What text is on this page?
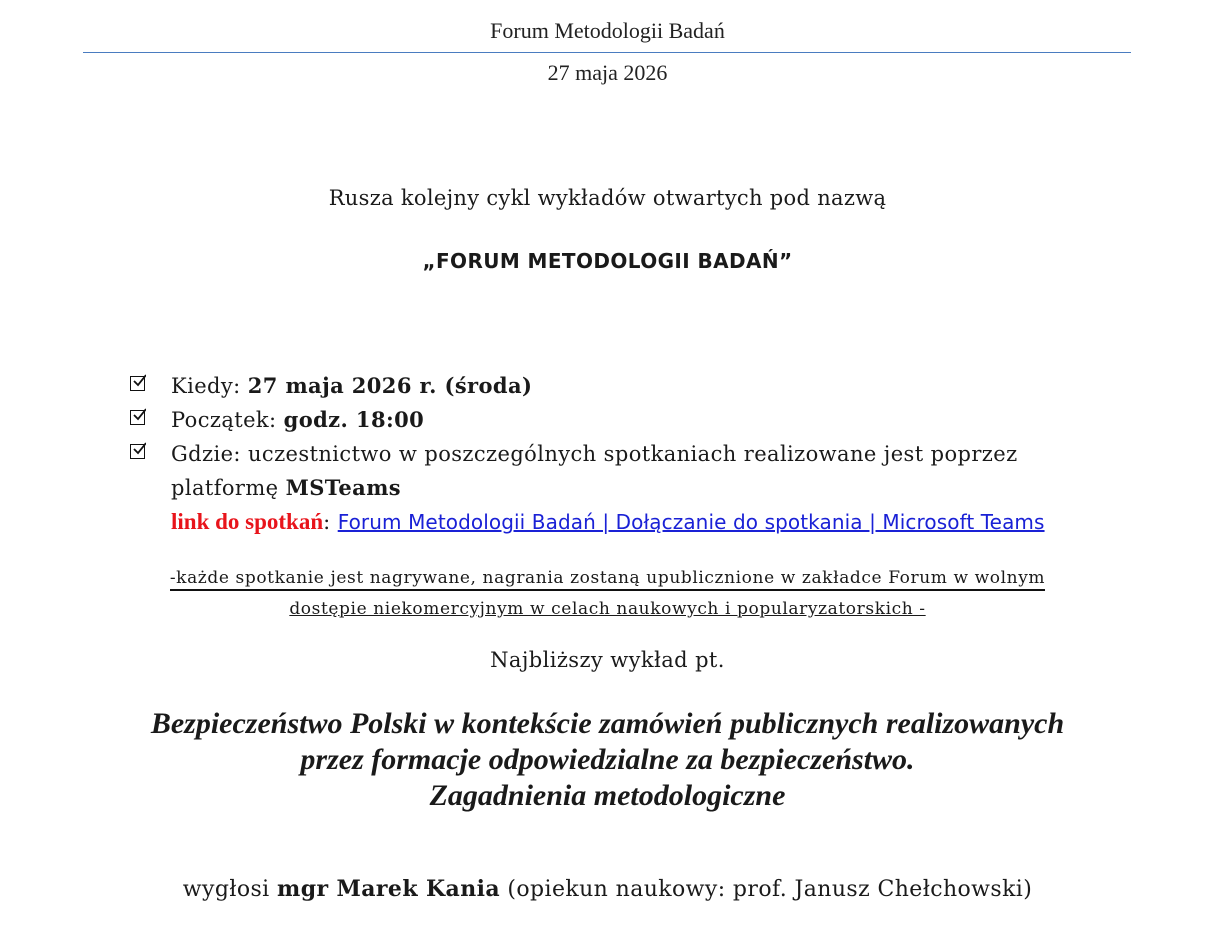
Forum Metodologii Badań
27 maja 2026
Rusza kolejny cykl wykładów otwartych pod nazwą
„FORUM METODOLOGII BADAŃ”
Kiedy: 27 maja 2026 r. (środa)
Początek: godz. 18:00
Gdzie: uczestnictwo w poszczególnych spotkaniach realizowane jest poprzez platformę MSTeams
link do spotkań: Forum Metodologii Badań | Dołączanie do spotkania | Microsoft Teams
-każde spotkanie jest nagrywane, nagrania zostaną upublicznione w zakładce Forum w wolnym
dostępie niekomercyjnym w celach naukowych i popularyzatorskich -
Najbliższy wykład pt.
Bezpieczeństwo Polski w kontekście zamówień publicznych realizowanych
przez formacje odpowiedzialne za bezpieczeństwo.
Zagadnienia metodologiczne
wygłosi mgr Marek Kania (opiekun naukowy: prof. Janusz Chełchowski)
